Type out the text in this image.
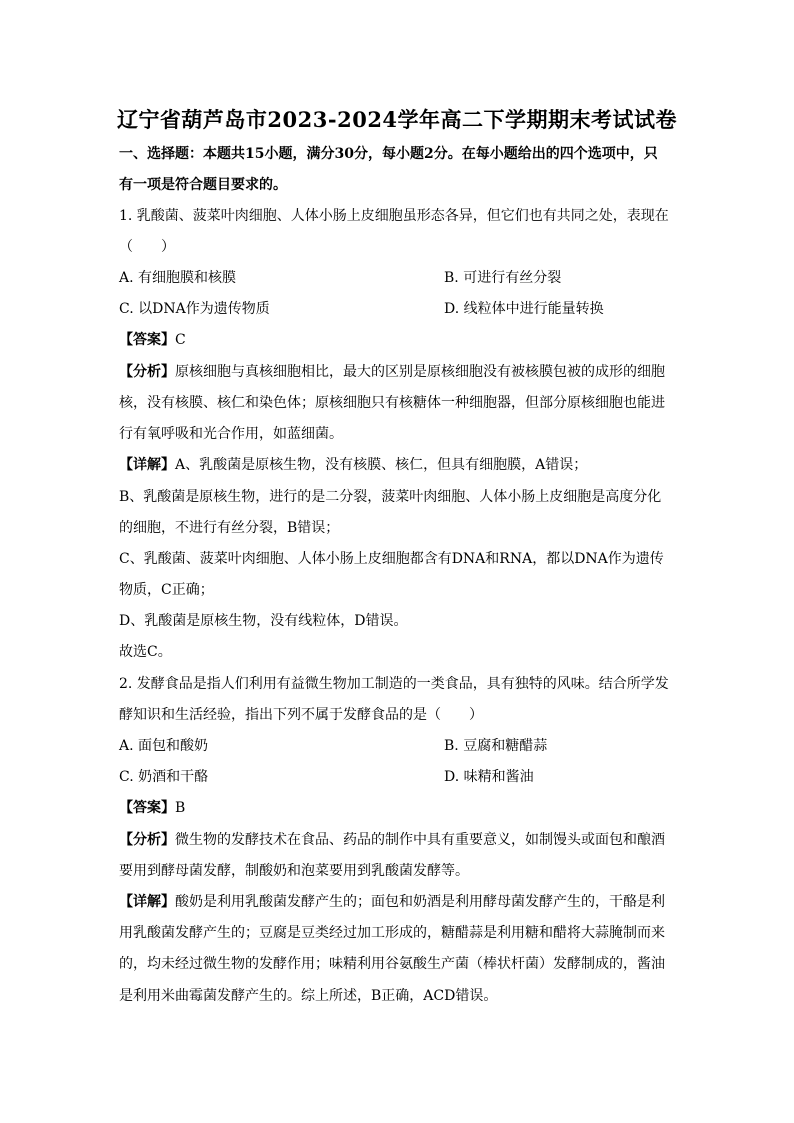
辽宁省葫芦岛市2023-2024学年高二下学期期末考试试卷
一、选择题：本题共15小题，满分30分，每小题2分。在每小题给出的四个选项中，只
有一项是符合题目要求的。
1. 乳酸菌、菠菜叶肉细胞、人体小肠上皮细胞虽形态各异，但它们也有共同之处，表现在
（　　）
A. 有细胞膜和核膜	B. 可进行有丝分裂
C. 以DNA作为遗传物质	D. 线粒体中进行能量转换
【答案】C
【分析】原核细胞与真核细胞相比，最大的区别是原核细胞没有被核膜包被的成形的细胞
核，没有核膜、核仁和染色体；原核细胞只有核糖体一种细胞器，但部分原核细胞也能进
行有氧呼吸和光合作用，如蓝细菌。
【详解】A、乳酸菌是原核生物，没有核膜、核仁，但具有细胞膜，A错误；
B、乳酸菌是原核生物，进行的是二分裂，菠菜叶肉细胞、人体小肠上皮细胞是高度分化
的细胞，不进行有丝分裂，B错误；
C、乳酸菌、菠菜叶肉细胞、人体小肠上皮细胞都含有DNA和RNA，都以DNA作为遗传
物质，C正确；
D、乳酸菌是原核生物，没有线粒体，D错误。
故选C。
2. 发酵食品是指人们利用有益微生物加工制造的一类食品，具有独特的风味。结合所学发
酵知识和生活经验，指出下列不属于发酵食品的是（　　）
A. 面包和酸奶	B. 豆腐和糖醋蒜
C. 奶酒和干酪	D. 味精和酱油
【答案】B
【分析】微生物的发酵技术在食品、药品的制作中具有重要意义，如制馒头或面包和酿酒
要用到酵母菌发酵，制酸奶和泡菜要用到乳酸菌发酵等。
【详解】酸奶是利用乳酸菌发酵产生的；面包和奶酒是利用酵母菌发酵产生的，干酪是利
用乳酸菌发酵产生的；豆腐是豆类经过加工形成的，糖醋蒜是利用糖和醋将大蒜腌制而来
的，均未经过微生物的发酵作用；味精利用谷氨酸生产菌（棒状杆菌）发酵制成的，酱油
是利用米曲霉菌发酵产生的。综上所述，B正确，ACD错误。
